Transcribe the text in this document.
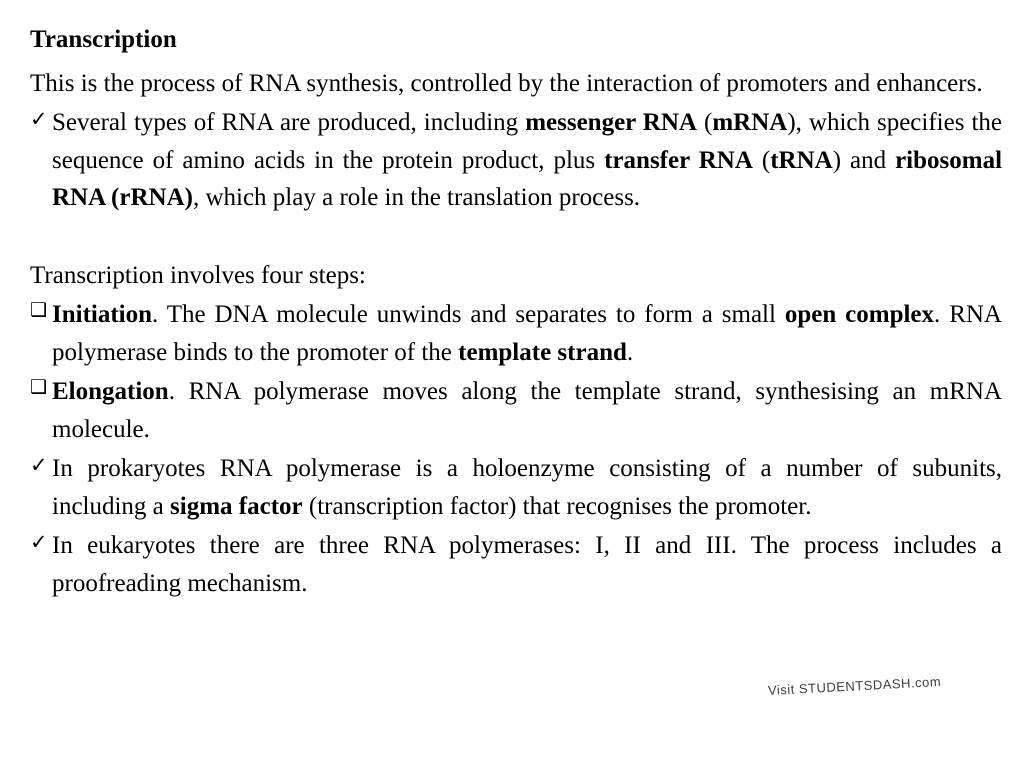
Transcription

This is the process of RNA synthesis, controlled by the interaction of promoters and enhancers.

✓ Several types of RNA are produced, including messenger RNA (mRNA), which specifies the sequence of amino acids in the protein product, plus transfer RNA (tRNA) and ribosomal RNA (rRNA), which play a role in the translation process.

Transcription involves four steps:

❑ Initiation. The DNA molecule unwinds and separates to form a small open complex. RNA polymerase binds to the promoter of the template strand.
❑ Elongation. RNA polymerase moves along the template strand, synthesising an mRNA molecule.
✓ In prokaryotes RNA polymerase is a holoenzyme consisting of a number of subunits, including a sigma factor (transcription factor) that recognises the promoter.
✓ In eukaryotes there are three RNA polymerases: I, II and III. The process includes a proofreading mechanism.
Visit STUDENTSDASH.com
